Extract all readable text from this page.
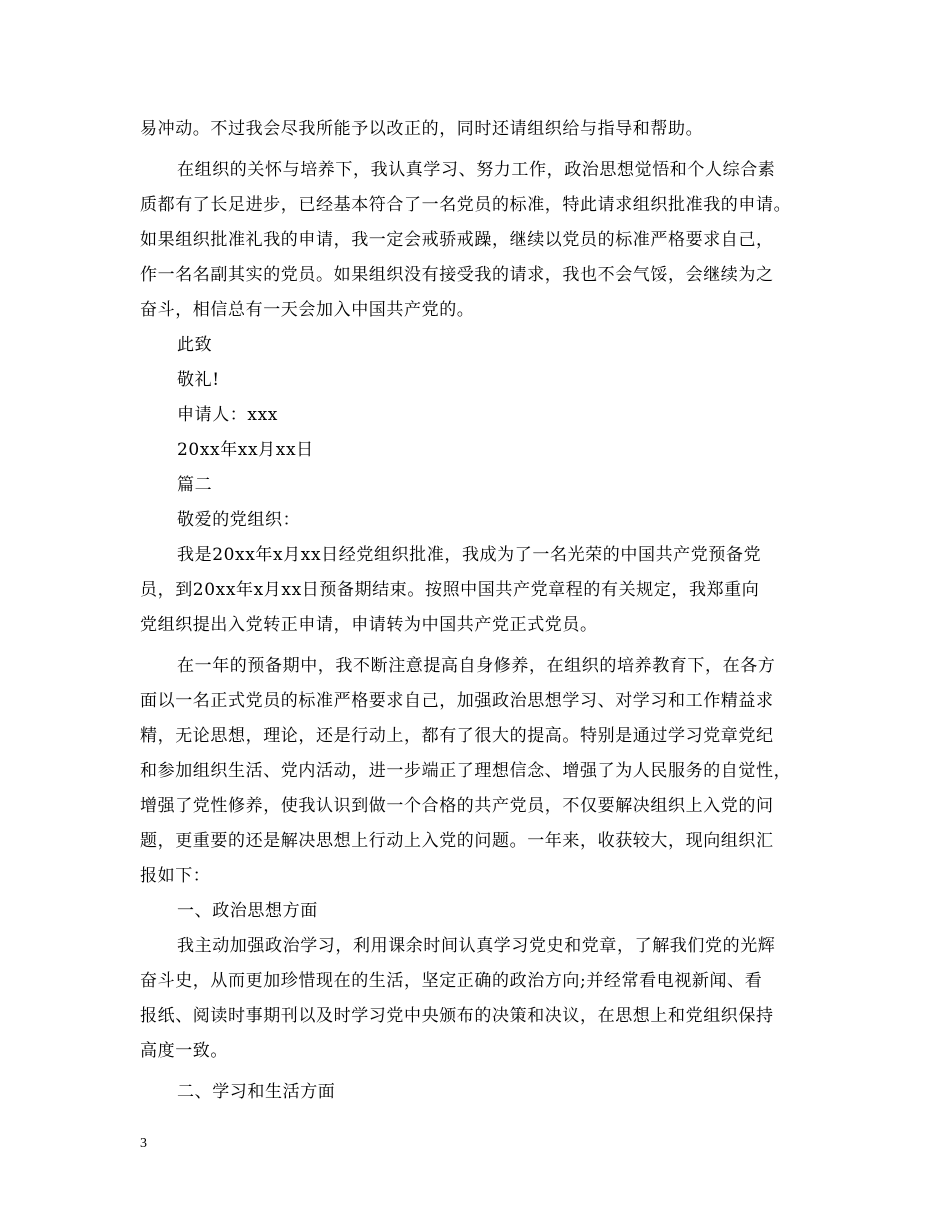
易冲动。不过我会尽我所能予以改正的，同时还请组织给与指导和帮助。
在组织的关怀与培养下，我认真学习、努力工作，政治思想觉悟和个人综合素
质都有了长足进步，已经基本符合了一名党员的标准，特此请求组织批准我的申请。
如果组织批准礼我的申请，我一定会戒骄戒躁，继续以党员的标准严格要求自己，
作一名名副其实的党员。如果组织没有接受我的请求，我也不会气馁，会继续为之
奋斗，相信总有一天会加入中国共产党的。
此致
敬礼!
申请人：xxx
20xx年xx月xx日
篇二
敬爱的党组织：
我是20xx年x月xx日经党组织批准，我成为了一名光荣的中国共产党预备党
员，到20xx年x月xx日预备期结束。按照中国共产党章程的有关规定，我郑重向
党组织提出入党转正申请，申请转为中国共产党正式党员。
在一年的预备期中，我不断注意提高自身修养，在组织的培养教育下，在各方
面以一名正式党员的标准严格要求自己，加强政治思想学习、对学习和工作精益求
精，无论思想，理论，还是行动上，都有了很大的提高。特别是通过学习党章党纪
和参加组织生活、党内活动，进一步端正了理想信念、增强了为人民服务的自觉性，
增强了党性修养，使我认识到做一个合格的共产党员，不仅要解决组织上入党的问
题，更重要的还是解决思想上行动上入党的问题。一年来，收获较大，现向组织汇
报如下：
一、政治思想方面
我主动加强政治学习，利用课余时间认真学习党史和党章，了解我们党的光辉
奋斗史，从而更加珍惜现在的生活，坚定正确的政治方向;并经常看电视新闻、看
报纸、阅读时事期刊以及时学习党中央颁布的决策和决议，在思想上和党组织保持
高度一致。
二、学习和生活方面
3
